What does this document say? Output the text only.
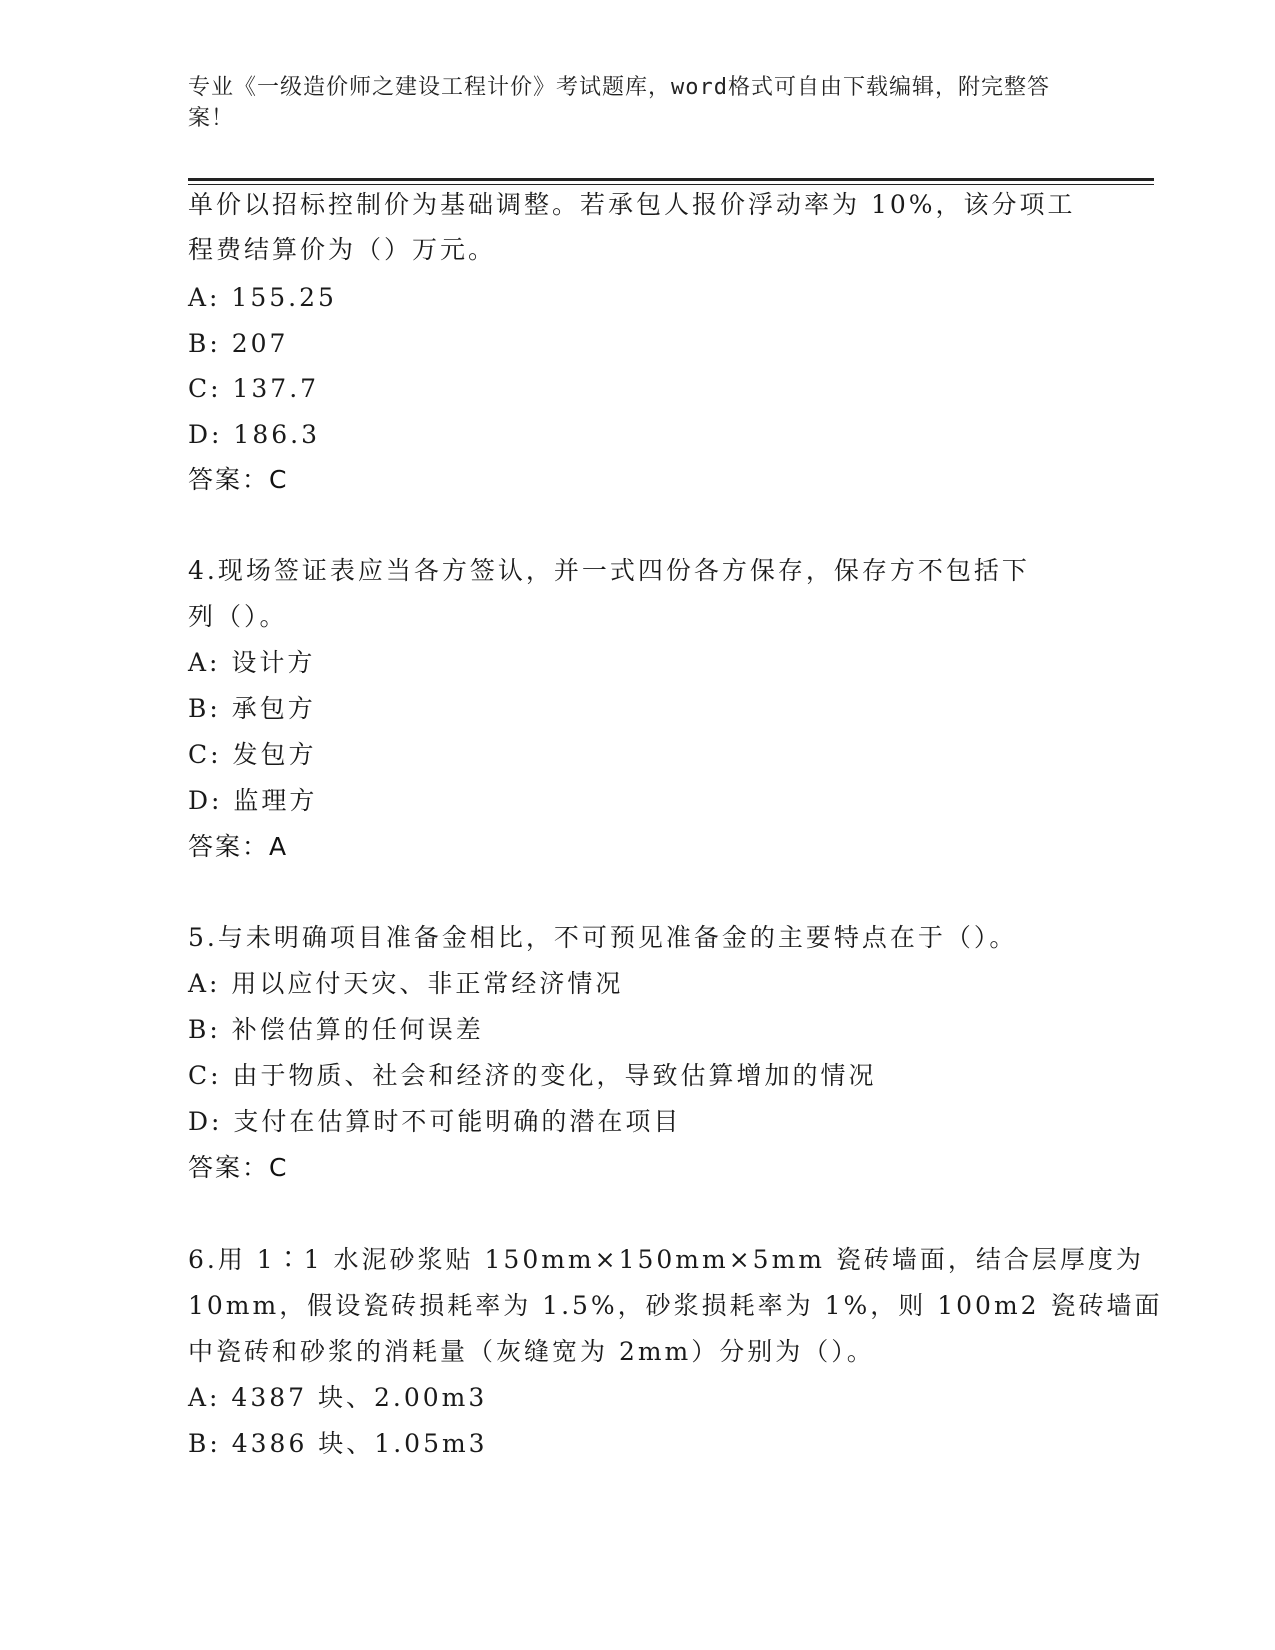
专业《一级造价师之建设工程计价》考试题库，word格式可自由下载编辑，附完整答案！
单价以招标控制价为基础调整。若承包人报价浮动率为 10%，该分项工
程费结算价为（）万元。
A: 155.25
B: 207
C: 137.7
D: 186.3
答案：C
4.现场签证表应当各方签认，并一式四份各方保存，保存方不包括下
列（）。
A: 设计方
B: 承包方
C: 发包方
D: 监理方
答案：A
5.与未明确项目准备金相比，不可预见准备金的主要特点在于（）。
A: 用以应付天灾、非正常经济情况
B: 补偿估算的任何误差
C: 由于物质、社会和经济的变化，导致估算增加的情况
D: 支付在估算时不可能明确的潜在项目
答案：C
6.用 1∶1 水泥砂浆贴 150mm×150mm×5mm 瓷砖墙面，结合层厚度为
10mm，假设瓷砖损耗率为 1.5%，砂浆损耗率为 1%，则 100m2 瓷砖墙面
中瓷砖和砂浆的消耗量（灰缝宽为 2mm）分别为（）。
A: 4387 块、2.00m3
B: 4386 块、1.05m3
